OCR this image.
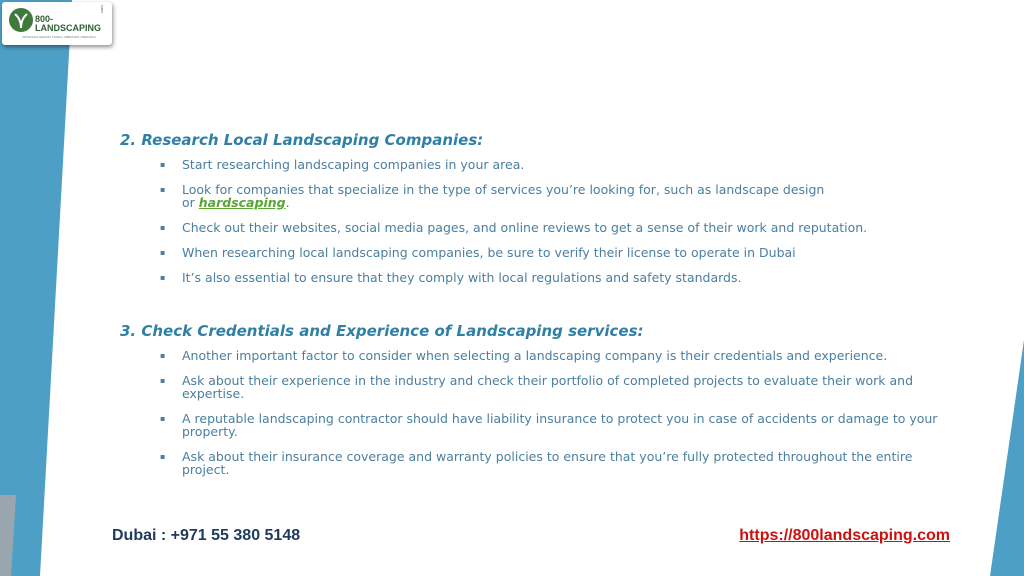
800-
LANDSCAPING
.com
ARTIFICIAL GRASS | TILING | ARBOURS | PERGOLA
2. Research Local Landscaping Companies:
▪ Start researching landscaping companies in your area.
▪ Look for companies that specialize in the type of services you’re looking for, such as landscape design
or hardscaping.
▪ Check out their websites, social media pages, and online reviews to get a sense of their work and reputation.
▪ When researching local landscaping companies, be sure to verify their license to operate in Dubai
▪ It’s also essential to ensure that they comply with local regulations and safety standards.
3. Check Credentials and Experience of Landscaping services:
▪ Another important factor to consider when selecting a landscaping company is their credentials and experience.
▪ Ask about their experience in the industry and check their portfolio of completed projects to evaluate their work and expertise.
▪ A reputable landscaping contractor should have liability insurance to protect you in case of accidents or damage to your property.
▪ Ask about their insurance coverage and warranty policies to ensure that you’re fully protected throughout the entire project.
Dubai : +971 55 380 5148	https://800landscaping.com
